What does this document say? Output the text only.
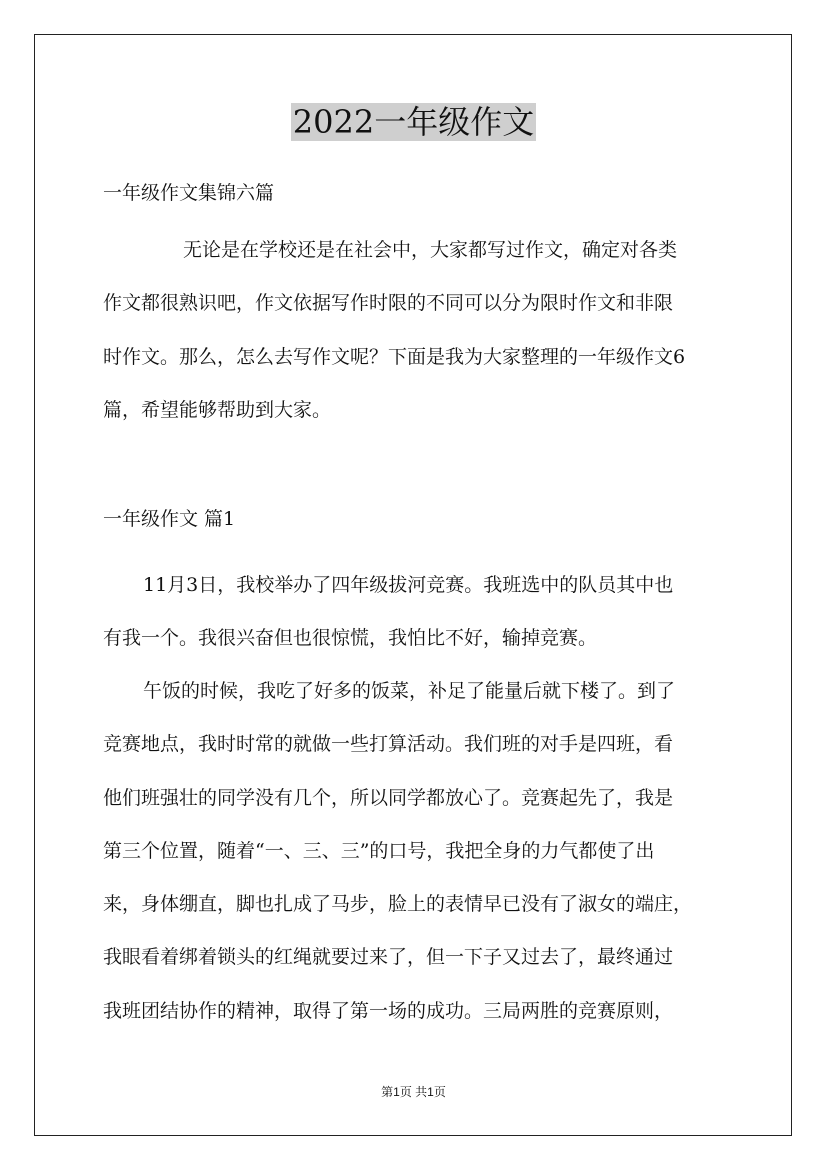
2022一年级作文
一年级作文集锦六篇

无论是在学校还是在社会中，大家都写过作文，确定对各类
作文都很熟识吧，作文依据写作时限的不同可以分为限时作文和非限
时作文。那么，怎么去写作文呢？下面是我为大家整理的一年级作文6
篇，希望能够帮助到大家。

一年级作文 篇1

11月3日，我校举办了四年级拔河竞赛。我班选中的队员其中也
有我一个。我很兴奋但也很惊慌，我怕比不好，输掉竞赛。

午饭的时候，我吃了好多的饭菜，补足了能量后就下楼了。到了
竞赛地点，我时时常的就做一些打算活动。我们班的对手是四班，看
他们班强壮的同学没有几个，所以同学都放心了。竞赛起先了，我是
第三个位置，随着“一、三、三”的口号，我把全身的力气都使了出
来，身体绷直，脚也扎成了马步，脸上的表情早已没有了淑女的端庄，
我眼看着绑着锁头的红绳就要过来了，但一下子又过去了，最终通过
我班团结协作的精神，取得了第一场的成功。三局两胜的竞赛原则，

第1页 共1页
